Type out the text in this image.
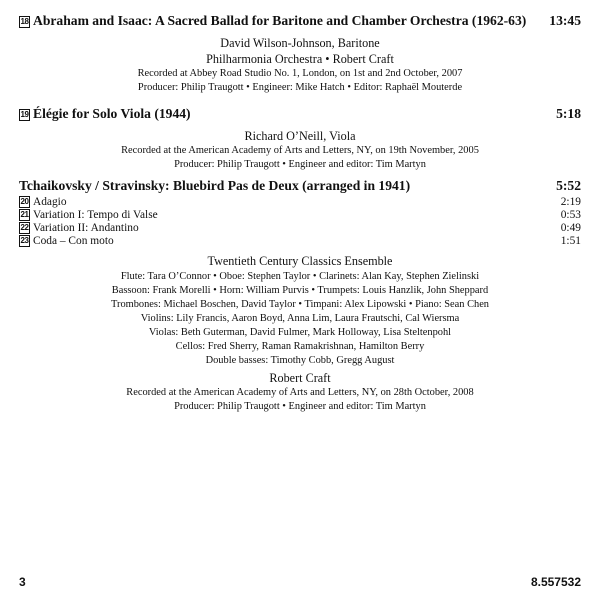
18 Abraham and Isaac: A Sacred Ballad for Baritone and Chamber Orchestra (1962-63) 13:45
David Wilson-Johnson, Baritone
Philharmonia Orchestra • Robert Craft
Recorded at Abbey Road Studio No. 1, London, on 1st and 2nd October, 2007
Producer: Philip Traugott • Engineer: Mike Hatch • Editor: Raphaël Mouterde
19 Élégie for Solo Viola (1944)	5:18
Richard O’Neill, Viola
Recorded at the American Academy of Arts and Letters, NY, on 19th November, 2005
Producer: Philip Traugott • Engineer and editor: Tim Martyn
Tchaikovsky / Stravinsky: Bluebird Pas de Deux (arranged in 1941)	5:52
20 Adagio	2:19
21 Variation I: Tempo di Valse	0:53
22 Variation II: Andantino	0:49
23 Coda – Con moto	1:51
Twentieth Century Classics Ensemble
Flute: Tara O’Connor • Oboe: Stephen Taylor • Clarinets: Alan Kay, Stephen Zielinski
Bassoon: Frank Morelli • Horn: William Purvis • Trumpets: Louis Hanzlik, John Sheppard
Trombones: Michael Boschen, David Taylor • Timpani: Alex Lipowski • Piano: Sean Chen
Violins: Lily Francis, Aaron Boyd, Anna Lim, Laura Frautschi, Cal Wiersma
Violas: Beth Guterman, David Fulmer, Mark Holloway, Lisa Steltenpohl
Cellos: Fred Sherry, Raman Ramakrishnan, Hamilton Berry
Double basses: Timothy Cobb, Gregg August
Robert Craft
Recorded at the American Academy of Arts and Letters, NY, on 28th October, 2008
Producer: Philip Traugott • Engineer and editor: Tim Martyn
3	8.557532
